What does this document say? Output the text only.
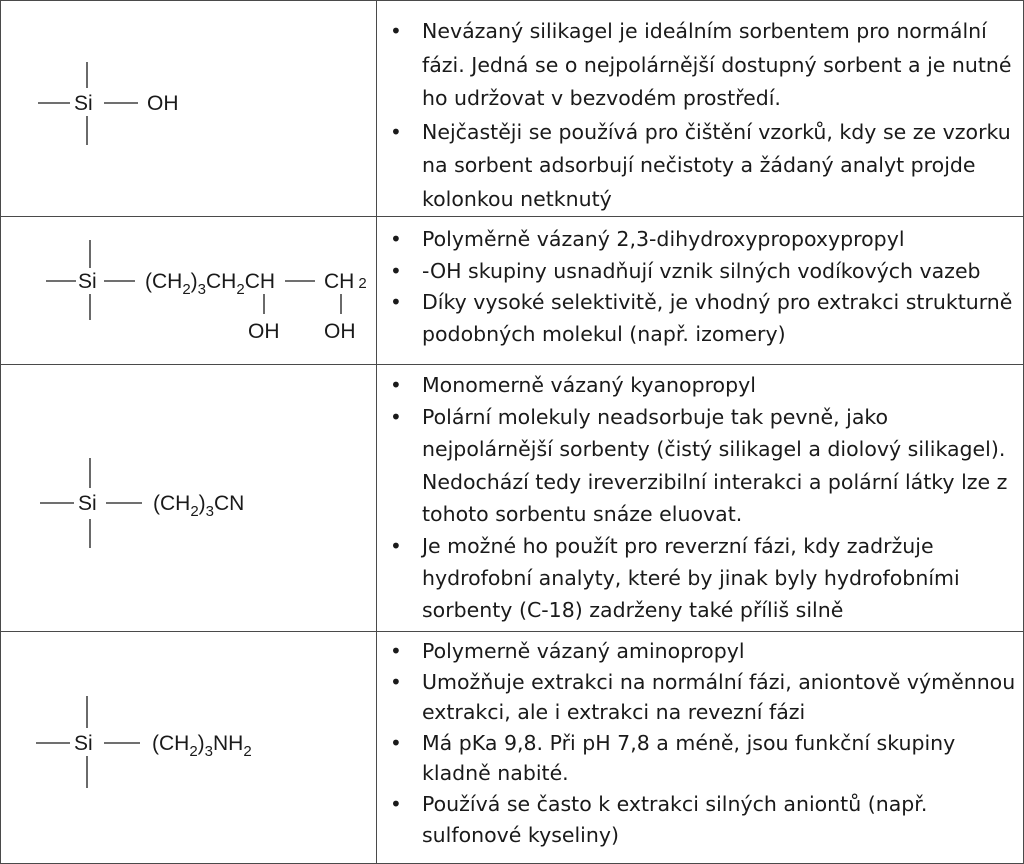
Si	OH
• Nevázaný silikagel je ideálním sorbentem pro normální fázi. Jedná se o nejpolárnější dostupný sorbent a je nutné ho udržovat v bezvodém prostředí.
• Nejčastěji se používá pro čištění vzorků, kdy se ze vzorku na sorbent adsorbují nečistoty a žádaný analyt projde kolonkou netknutý
Si $(CH_2)_3CH_2CH$ CH 2
OH OH
• Polyměrně vázaný 2,3-dihydroxypropoxypropyl
• -OH skupiny usnadňují vznik silných vodíkových vazeb
• Díky vysoké selektivitě, je vhodný pro extrakci strukturně podobných molekul (např. izomery)
Si	$(CH_2)_3CN$
• Monomerně vázaný kyanopropyl
• Polární molekuly neadsorbuje tak pevně, jako nejpolárnější sorbenty (čistý silikagel a diolový silikagel). Nedochází tedy ireverzibilní interakci a polární látky lze z tohoto sorbentu snáze eluovat.
• Je možné ho použít pro reverzní fázi, kdy zadržuje hydrofobní analyty, které by jinak byly hydrofobními sorbenty (C-18) zadrženy také příliš silně
Si	$(CH_2)_3NH_2$
• Polymerně vázaný aminopropyl
• Umožňuje extrakci na normální fázi, aniontově výměnnou extrakci, ale i extrakci na revezní fázi
• Má pKa 9,8. Při pH 7,8 a méně, jsou funkční skupiny kladně nabité.
• Používá se často k extrakci silných aniontů (např. sulfonové kyseliny)
